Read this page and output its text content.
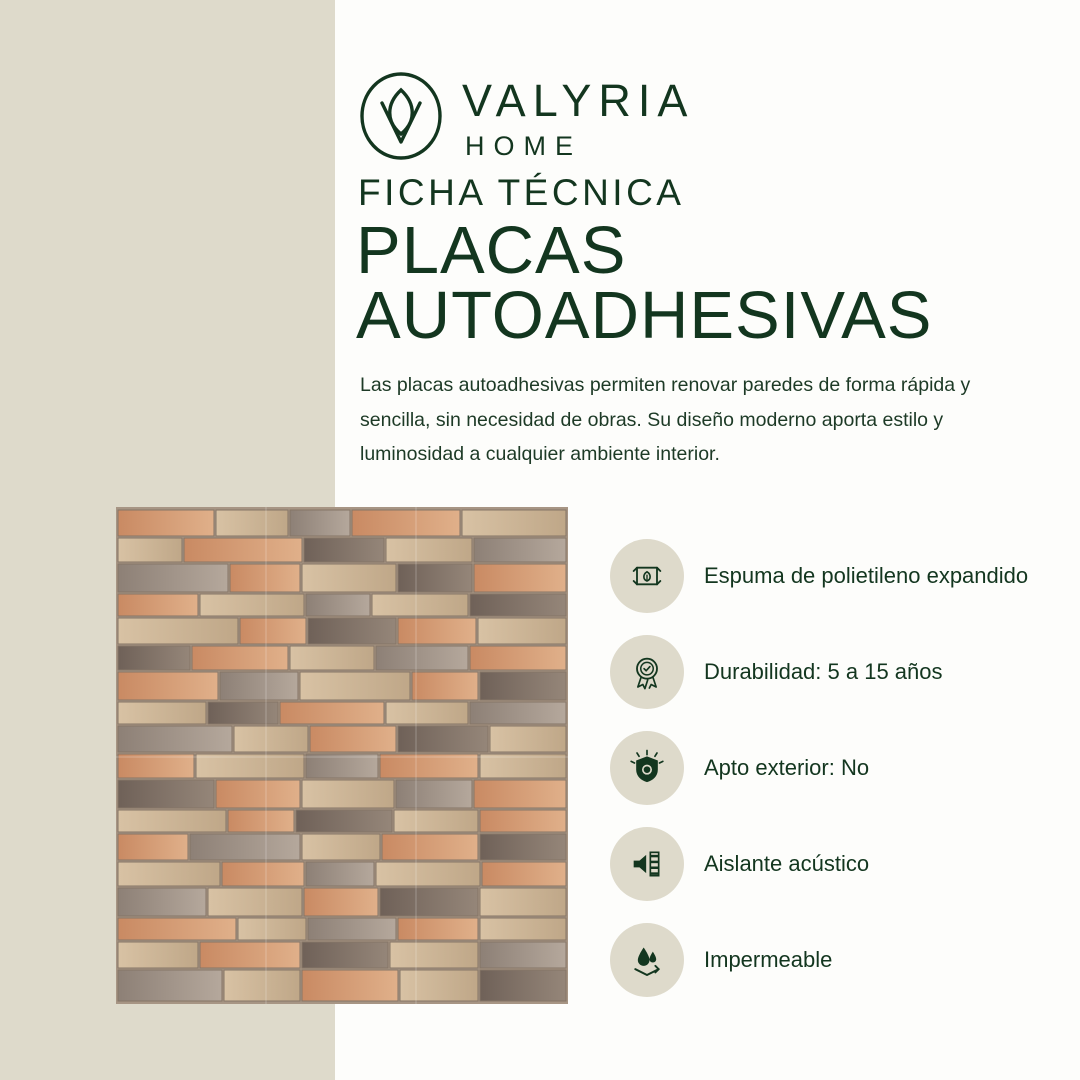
VALYRIA
HOME
FICHA TÉCNICA
PLACAS
AUTOADHESIVAS
Las placas autoadhesivas permiten renovar paredes de forma rápida y sencilla, sin necesidad de obras. Su diseño moderno aporta estilo y luminosidad a cualquier ambiente interior.
Espuma de polietileno expandido
Durabilidad: 5 a 15 años
Apto exterior: No
Aislante acústico
Impermeable
